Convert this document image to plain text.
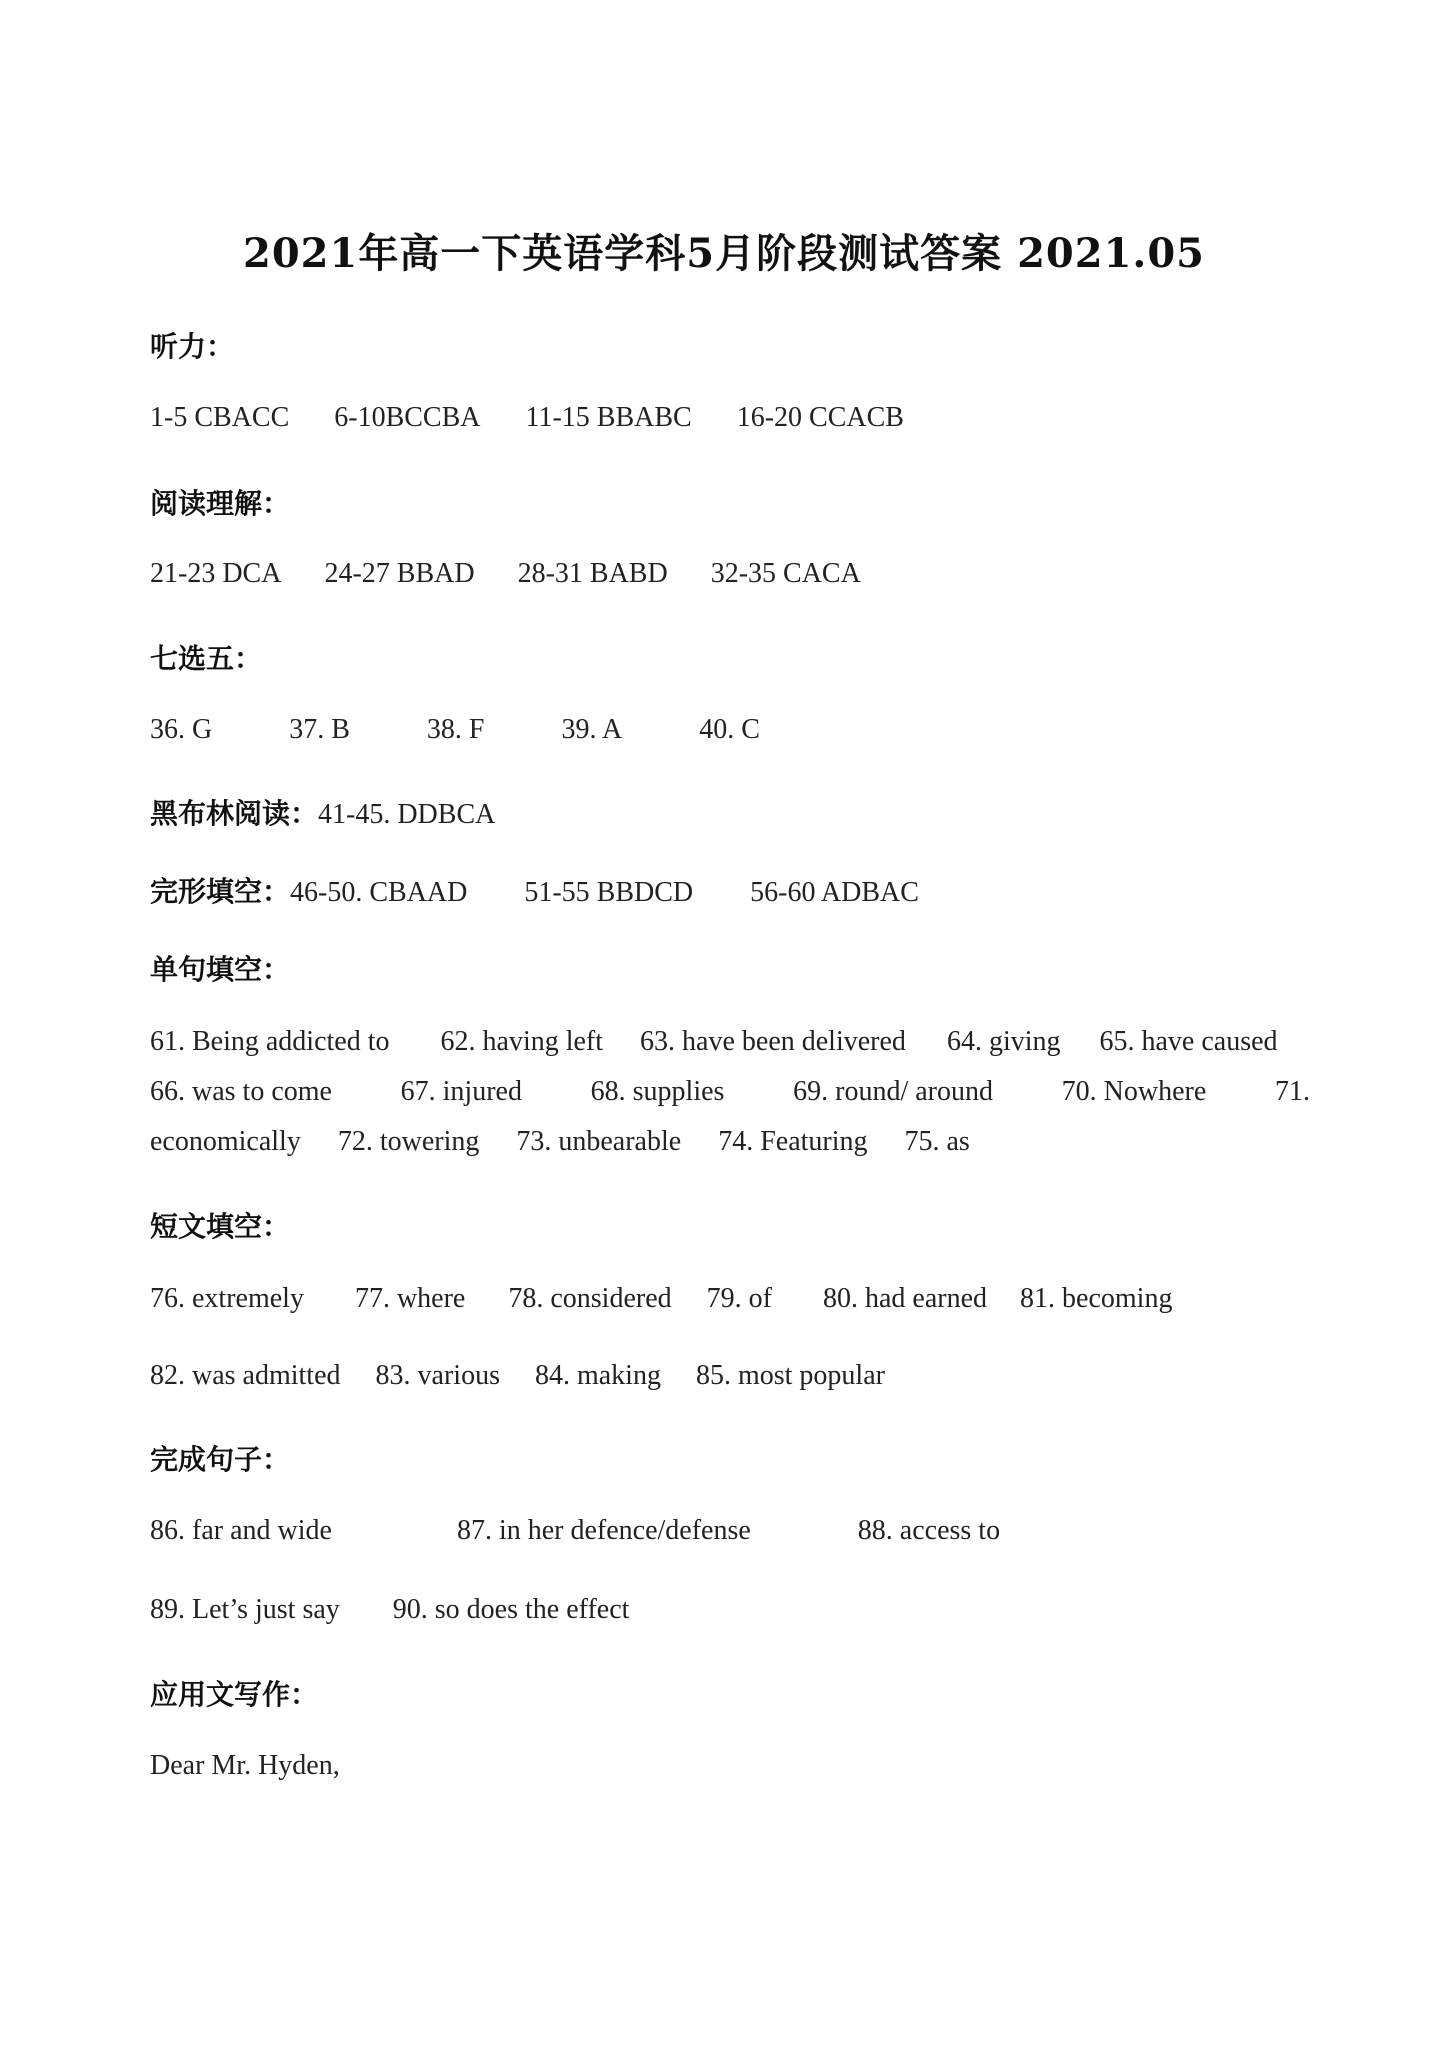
2021年高一下英语学科5月阶段测试答案 2021.05
听力：
1-5 CBACC 6-10BCCBA 11-15 BBABC 16-20 CCACB
阅读理解：
21-23 DCA 24-27 BBAD 28-31 BABD 32-35 CACA
七选五：
36. G	37. B	38. F	39. A	40. C
黑布林阅读：41-45. DDBCA
完形填空：46-50. CBAAD 51-55 BBDCD 56-60 ADBAC
单句填空：
61. Being addicted to 62. having left 63. have been delivered 64. giving 65. have caused
66. was to come 67. injured 68. supplies 69. round/ around 70. Nowhere 71.
economically 72. towering 73. unbearable 74. Featuring 75. as
短文填空：
76. extremely 77. where 78. considered 79. of 80. had earned 81. becoming
82. was admitted 83. various 84. making 85. most popular
完成句子：
86. far and wide	87. in her defence/defense	88. access to
89. Let’s just say 90. so does the effect
应用文写作：
Dear Mr. Hyden,
